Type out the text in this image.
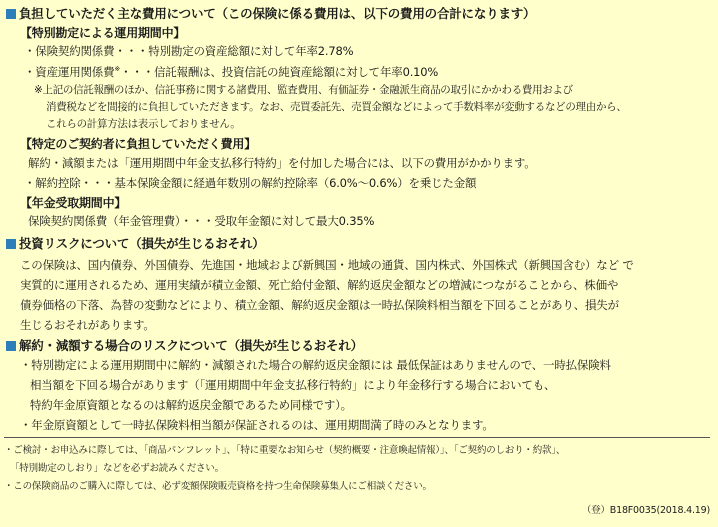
負担していただく主な費用について（この保険に係る費用は、以下の費用の合計になります）
【特別勘定による運用期間中】
・保険契約関係費・・・特別勘定の資産総額に対して年率2.78%
・資産運用関係費※・・・信託報酬は、投資信託の純資産総額に対して年率0.10%
※上記の信託報酬のほか、信託事務に関する諸費用、監査費用、有価証券・金融派生商品の取引にかかわる費用および
消費税などを間接的に負担していただきます。なお、売買委託先、売買金額などによって手数料率が変動するなどの理由から、
これらの計算方法は表示しておりません。
【特定のご契約者に負担していただく費用】
解約・減額または「運用期間中年金支払移行特約」を付加した場合には、以下の費用がかかります。
・解約控除・・・基本保険金額に経過年数別の解約控除率（6.0%〜0.6%）を乗じた金額
【年金受取期間中】
保険契約関係費（年金管理費）・・・受取年金額に対して最大0.35%
投資リスクについて（損失が生じるおそれ）
この保険は、国内債券、外国債券、先進国・地域および新興国・地域の通貨、国内株式、外国株式（新興国含む）など で
実質的に運用されるため、運用実績が積立金額、死亡給付金額、解約返戻金額などの増減につながることから、株価や
債券価格の下落、為替の変動などにより、積立金額、解約返戻金額は一時払保険料相当額を下回ることがあり、損失が
生じるおそれがあります。
解約・減額する場合のリスクについて（損失が生じるおそれ）
・特別勘定による運用期間中に解約・減額された場合の解約返戻金額には 最低保証はありませんので、一時払保険料
相当額を下回る場合があります（「運用期間中年金支払移行特約」により年金移行する場合においても、
特約年金原資額となるのは解約返戻金額であるため同様です）。
・年金原資額として一時払保険料相当額が保証されるのは、運用期間満了時のみとなります。
・ご検討・お申込みに際しては、「商品パンフレット」、「特に重要なお知らせ（契約概要・注意喚起情報）」、「ご契約のしおり・約款」、
「特別勘定のしおり」などを必ずお読みください。
・この保険商品のご購入に際しては、必ず変額保険販売資格を持つ生命保険募集人にご相談ください。
（登）B18F0035(2018.4.19)
